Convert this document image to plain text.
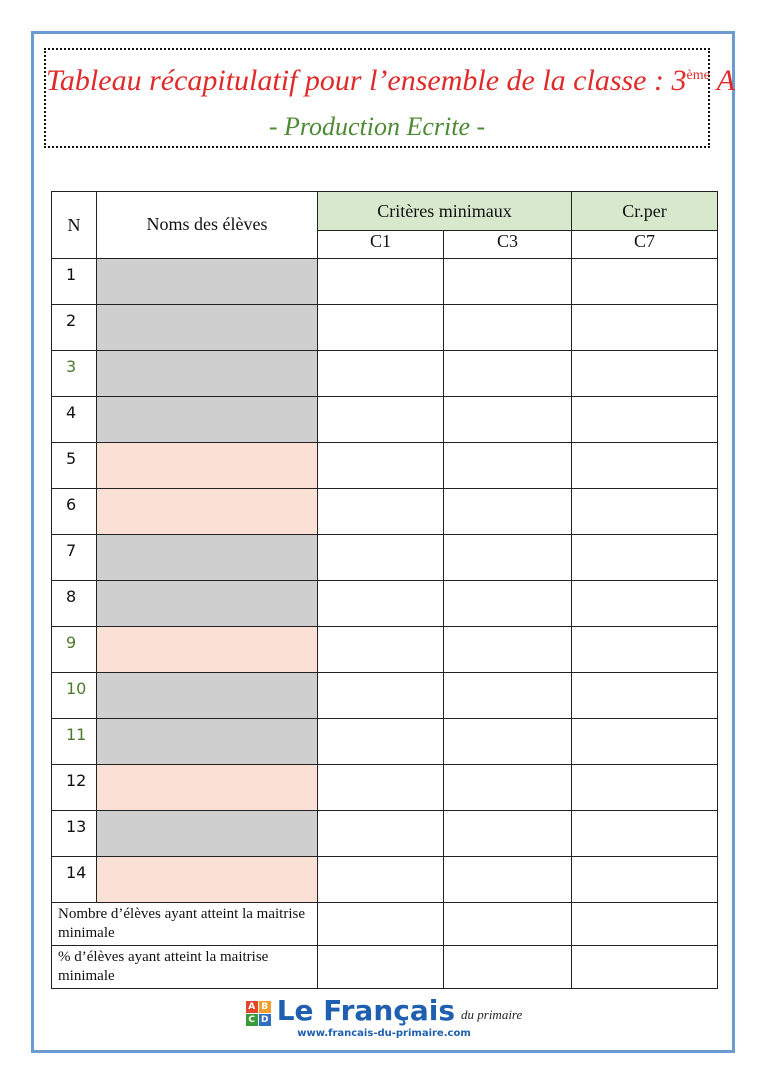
Tableau récapitulatif pour l’ensemble de la classe : 3ème A
- Production Ecrite -
N	Noms des élèves	Critères minimaux		Cr.per
		C1	C3	C7
1				
2				
3				
4				
5				
6				
7				
8				
9				
10				
11				
12				
13				
14				
Nombre d’élèves ayant atteint la maitrise minimale				
% d’élèves ayant atteint la maitrise minimale				
A B
C D Le Français du primaire
www.francais-du-primaire.com
